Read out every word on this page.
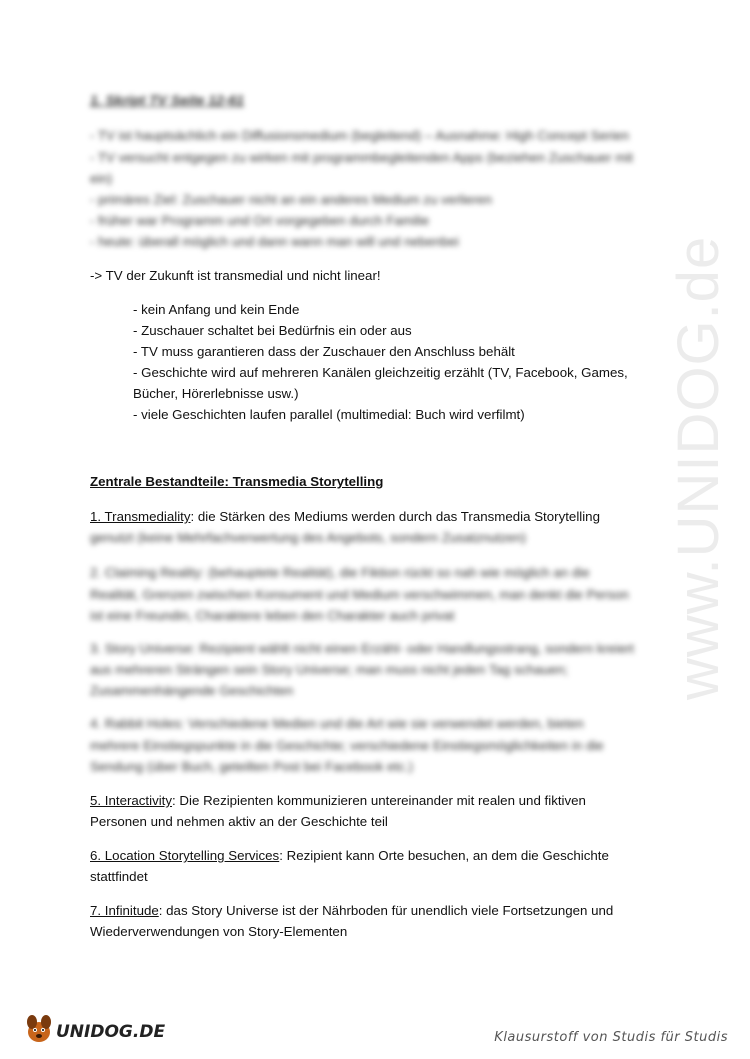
www.UNIDOG.de
1. Skript TV Seite 12-61
- TV ist hauptsächlich ein Diffusionsmedium (begleitend) – Ausnahme: High Concept Serien
- TV versucht entgegen zu wirken mit programmbegleitenden Apps (beziehen Zuschauer mit
ein)
- primäres Ziel: Zuschauer nicht an ein anderes Medium zu verlieren
- früher war Programm und Ort vorgegeben durch Familie
- heute: überall möglich und dann wann man will und nebenbei
-> TV der Zukunft ist transmedial und nicht linear!
- kein Anfang und kein Ende
- Zuschauer schaltet bei Bedürfnis ein oder aus
- TV muss garantieren dass der Zuschauer den Anschluss behält
- Geschichte wird auf mehreren Kanälen gleichzeitig erzählt (TV, Facebook, Games,
Bücher, Hörerlebnisse usw.)
- viele Geschichten laufen parallel (multimedial: Buch wird verfilmt)
Zentrale Bestandteile: Transmedia Storytelling
1. Transmediality: die Stärken des Mediums werden durch das Transmedia Storytelling
genutzt (keine Mehrfachverwertung des Angebots, sondern Zusatznutzen)
2. Claiming Reality: (behauptete Realität), die Fiktion rückt so nah wie möglich an die
Realität, Grenzen zwischen Konsument und Medium verschwimmen, man denkt die Person
ist eine Freundin, Charaktere leben den Charakter auch privat
3. Story Universe: Rezipient wählt nicht einen Erzähl- oder Handlungsstrang, sondern kreiert
aus mehreren Strängen sein Story Universe; man muss nicht jeden Tag schauen;
Zusammenhängende Geschichten
4. Rabbit Holes: Verschiedene Medien und die Art wie sie verwendet werden, bieten
mehrere Einstiegspunkte in die Geschichte; verschiedene Einstiegsmöglichkeiten in die
Sendung (über Buch, geteilten Post bei Facebook etc.)
5. Interactivity: Die Rezipienten kommunizieren untereinander mit realen und fiktiven
Personen und nehmen aktiv an der Geschichte teil
6. Location Storytelling Services: Rezipient kann Orte besuchen, an dem die Geschichte
stattfindet
7. Infinitude: das Story Universe ist der Nährboden für unendlich viele Fortsetzungen und
Wiederverwendungen von Story-Elementen
UNIDOG.DE	Klausurstoff von Studis für Studis
